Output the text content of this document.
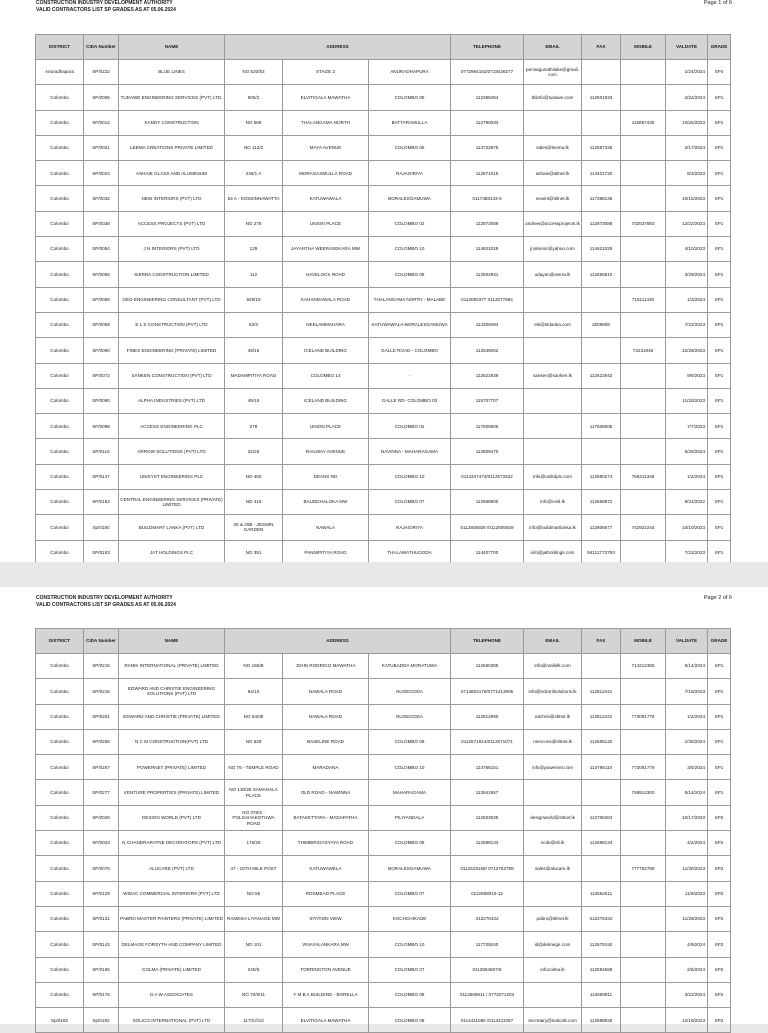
CONSTRUCTION INDUSTRY DEVELOPMENT AUTHORITY
VALID CONTRACTORS LIST SP GRADES AS AT 05.06.2024
Page 1 of 6
DISTRICT	CIDA Number	NAME	ADDRESS			TELEPHONE	EMAIL	FAX	MOBILE	VALDATE	GRADE
Anuradhapura	SP/0222	BLUE LINES	NO 520/53	STAGE 2	ANURADHAPURA	0772964182/0718436277	pensagunathilake@gmail.com			1/24/2024	SP4
Colombo	SP/0006	TUDAWE ENGINEERING SERVICES (PVT) LTD.	505/2	ELVITIGALA MAWATHA	COLOMBO 05	112368494	tblinfo@tudawe.com	112501933		2/22/2024	SP1
Colombo	SP/0014	KANDY CONSTRUCTION	NO 568	THALANGAMA NORTH	BATTARAMULLA	112790033			115857430	10/25/2023	SP1
Colombo	SP/0021	LEEMA CREATIONS PRIVATE LIMITED	NO 112/2	MAYA AVENUE	COLOMBO 05	114722875	sales@leema.lk	112587346		2/17/2024	SP1
Colombo	SP/0024	ASHAIE GLASS AND ALUMINIUM	248/1 A	MORAGASMULLA ROAD	RAJAGIRIYA	112871015	ashaie@sltnet.lk	114401720		8/3/2023	SP1
Colombo	SP/0032	NEW INTERIORS (PVT) LTD	53 A - KOSSINNAWATTA	KATUWAWALA	BORALESGAMUWA	0117388133-5	newint@sltnet.lk	117388136		10/15/2023	SP1
Colombo	SP/0038	ACCESS PROJECTS (PVT) LTD	NO 278	UNION PLACE	COLOMBO 02	112873089	andrew@accessprojects.lk	112873088	702537883	12/22/2023	SP1
Colombo	SP/0054	J N INTERIORS (PVT) LTD	129	JAYANTHA WEERASEKARA MW	COLOMBO 10	114621029	jninterior@yahoo.com	114621029		4/10/2023	SP1
Colombo	SP/0056	SIERRA CONSTRUCTION LIMITED	112	HAVELOCK ROAD	COLOMBO 05	112502931	udayan@sierra.lk	112555510		3/29/2024	SP1
Colombo	SP/0058	GEO ENGINEERING CONSULTANT (PVT) LTD	929/18	KAHANDAWALA ROAD	THALANGAMA NORTH - MALABE	0113093377 0112077984			718111430	1/3/2024	SP1
Colombo	SP/0059	E L S CONSTRUCTION (PVT) LTD	62/3	NEELAMMAHARA	KATUWAWALA-BORALESGAMUWA	114309494	els@eldanka.com	2509806		7/22/2023	SP1
Colombo	SP/0060	FINEX ENGINEERING (PRIVATE) LIMITED	49/16	ICELAND BUILDING	GALLE ROAD - COLOMBO	112546052			72231946	12/28/2023	SP1
Colombo	SP/0072	SANKEN CONSTRUCTION (PVT) LTD	MADAMPITIYA ROAD	COLOMBO 14	-	112522939	sanken@sanken.lk	112522942		9/6/2023	SP1
Colombo	SP/0090	ALPHA INDUSTRIES (PVT) LTD	49/16	ICELAND BUILDING	GALLE RD- COLOMBO 03	115707707				11/30/2023	SP1
Colombo	SP/0098	ACCESS ENGINEERING PLC	278	UNION PLACE	COLOMBO 02	117606606		117606605		7/7/2023	SP1
Colombo	SP/0116	ARROW SOLUTIONS (PVT) LTD	22/26	RAILWAY AVENUE	NAVINNA - MAHARAGAMA	112809470				5/25/2024	SP1
Colombo	SP/0147	UNISYST ENGINEERING PLC	NO 400	DEANS RD	COLOMBO 10	0114347474/0112572622	info@uniltdplc.com	112680274	766211348	1/2/2024	SP1
Colombo	SP/0152	CENTRAL ENGINEERING SERVICES (PRIVATE) LIMITED	NO 415	BAUDDHALOKA MW	COLOMBO 07	112668800	info@cesl.lk	112668972		8/31/2022	SP1
Colombo	Sp/0180	BUILDMART LANKA (PVT) LTD	25 & 25B - JESMIN GARDEN	NAWALA	RAJAGIRIYA	0112805928 /0112805929	info@buildmartlanka.lk	112806677	742922244	10/10/2023	SP1
Colombo	SP/0193	JAT HOLDINGS PLC	NO 351	PANNIPITIYA ROAD	THALAWATHUGODA	114407700	info@jatholdings.com	94112773793		7/22/2023	SP1
CONSTRUCTION INDUSTRY DEVELOPMENT AUTHORITY
VALID CONTRACTORS LIST SP GRADES AS AT 05.06.2024
Page 2 of 6
DISTRICT	CIDA Number	NAME	ADDRESS			TELEPHONE	EMAIL	FAX	MOBILE	VALDATE	GRADE
Colombo	SP/0215	RANIK INTERNATIONAL (PRIVATE) LIMITED	NO 155/B	JOHN RODRIGO MAWATHA	KATUBADDA MORATUWA	112650385	info@ranikllk.com		714212355	5/14/2024	SP1
Colombo	SP/0216	EDWARD AND CHRISTIE ENGINEERING SOLUTIONS (PVT) LTD	64/10	NAWALA ROAD	NUGEGODA	0714803176/0771413905	info@edcsrilsolutions.lk	112812441		7/18/2023	SP1
Colombo	SP/0251	EDWARD AND CHRISTIE (PRIVATE) LIMITED	NO 64/09	NAWALA ROAD	NUGEGODA	112812990	edchris@sltnet.lk	112812441	773091778	1/2/2024	SP1
Colombo	SP/0256	N C M CONSTRUCTION(PVT) LTD	NO 629	BASELINE ROAD	COLOMBO 09	0112671814/0112671071	nemcons@sltnet.lk	112685132		1/30/2024	SP1
Colombo	SP/0267	POWERNET (PRIVATE) LIMITED	NO 75 - TEMPLE ROAD	MARADANA	COLOMBO 10	114756151	info@powernet.com	114795110	773091778	3/5/2024	SP1
Colombo	SP/0277	VENTURE PROPERTIES (PRIVATE) LIMITED	NO 130/25 SAMANALA PLACE	OLD ROAD - NAWINNA	MAHARAGAMA	112841957			768914300	5/14/2024	SP1
Colombo	SP/0026	DESIGN WORLD (PVT) LTD	NO 378/3 - POLGAHAKOTUWA ROAD	BATAKETTARA - MADAPATHA	PILIYANDALA	112603035	designworld@sltnet.lk	112706404		10/17/2023	SP2
Colombo	SP/0043	N CHANDRARATNE DECORATORS (PVT) LTD	176/28	THIMBIRIGASYAYA ROAD	COLOMBO 05	112688133	ncde@slt.lk	112688134		4/2/2024	SP2
Colombo	SP/0075	ALUCARE (PVT) LTD	47 - 10TH MILE POST	KATUWAWELA	BORALESGAMUWA	0112519168/ 0712752788	sales@alucare.lk		777752788	11/30/2023	SP2
Colombo	SP/0129	WIDAC COMMERCIAL INTERIORS (PVT) LTD	NO 55	ROSMEAD PLACE	COLOMBO 07	0112698010-12		112662511		11/9/2023	SP2
Colombo	SP/0131	PABRO MASTER PAINTERS (PRIVATE) LIMITED	RAMESH LIYANAGE MW	STATION VIEW	KOCHCHIKADE	312276432	pabro@sltnet.lk	312276432		11/28/2023	SP2
Colombo	SP/0142	DELMAGE FORSYTH AND COMPANY LIMITED	NO 101	VINAYALANKARA MW	COLOMBO 10	117729240	id@delmege.com	112675192		4/9/2024	SP2
Colombo	SP/0165	COLMA (PRIVATE) LIMITED	240/6	TORRINGTON AVENUE	COLOMBO 07	0112594667/8	infocolma.lk	112594669		2/6/2024	SP2
Colombo	SP/0176	D A W ASSOCIATES	NO 70/8/11	Y M B A BUILDING - BORELLA	COLOMBO 08	0112669911 / 0773271203		112669911		3/22/2024	SP2
Sp/0182	Sp/0182	SOLICO INTERNATIONAL (PVT) LTD	117/C/G/2	ELVITIGALA MAWATHA	COLOMBO 08	0114411086 /0114411087	secretary@solicolk.com	112688826		12/19/2023	SP2
